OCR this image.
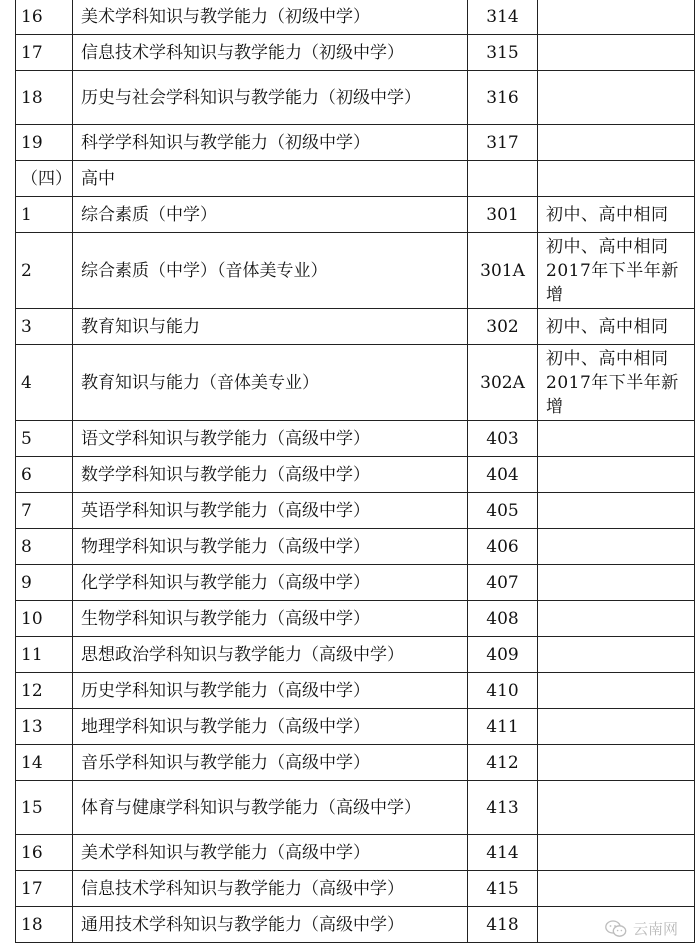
16	美术学科知识与教学能力（初级中学）	314	
17	信息技术学科知识与教学能力（初级中学）	315	
18	历史与社会学科知识与教学能力（初级中学）	316	
19	科学学科知识与教学能力（初级中学）	317	
（四）	高中		
1	综合素质（中学）	301	初中、高中相同
2	综合素质（中学）（音体美专业）	301A	初中、高中相同2017年下半年新增
3	教育知识与能力	302	初中、高中相同
4	教育知识与能力（音体美专业）	302A	初中、高中相同2017年下半年新增
5	语文学科知识与教学能力（高级中学）	403	
6	数学学科知识与教学能力（高级中学）	404	
7	英语学科知识与教学能力（高级中学）	405	
8	物理学科知识与教学能力（高级中学）	406	
9	化学学科知识与教学能力（高级中学）	407	
10	生物学科知识与教学能力（高级中学）	408	
11	思想政治学科知识与教学能力（高级中学）	409	
12	历史学科知识与教学能力（高级中学）	410	
13	地理学科知识与教学能力（高级中学）	411	
14	音乐学科知识与教学能力（高级中学）	412	
15	体育与健康学科知识与教学能力（高级中学）	413	
16	美术学科知识与教学能力（高级中学）	414	
17	信息技术学科知识与教学能力（高级中学）	415	
18	通用技术学科知识与教学能力（高级中学）	418		云南网
